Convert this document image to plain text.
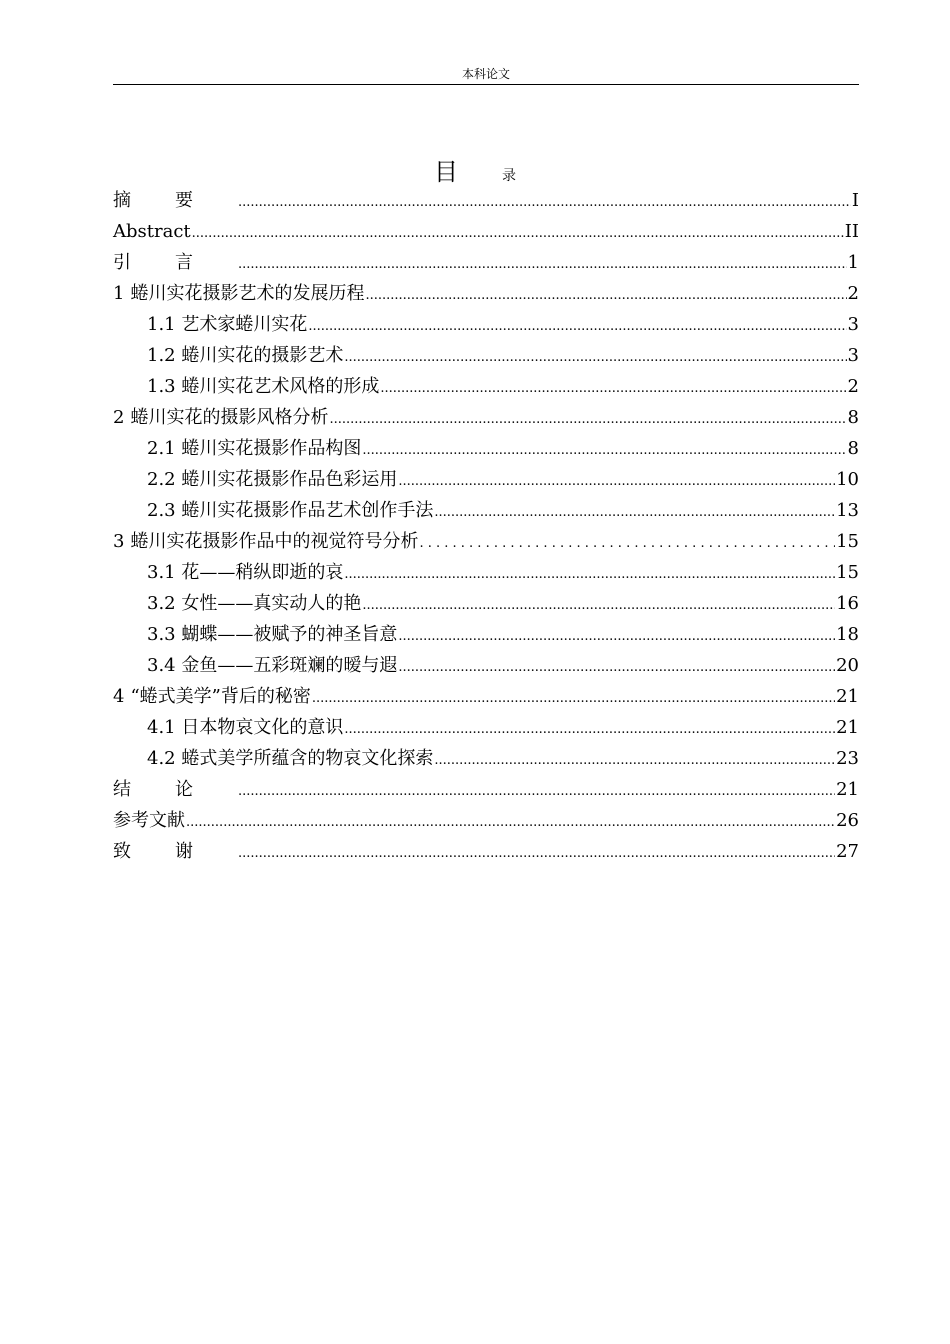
本科论文
目	录
摘要 .....	I
Abstract .....	II
引言 .....	1
1 蜷川实花摄影艺术的发展历程 .....	2
1.1 艺术家蜷川实花 .....	3
1.2 蜷川实花的摄影艺术 .....	3
1.3 蜷川实花艺术风格的形成 .....	2
2 蜷川实花的摄影风格分析 .....	8
2.1 蜷川实花摄影作品构图 .....	8
2.2 蜷川实花摄影作品色彩运用 .....	10
2.3 蜷川实花摄影作品艺术创作手法 .....	13
3 蜷川实花摄影作品中的视觉符号分析 . . .	15
3.1 花——稍纵即逝的哀 .....	15
3.2 女性——真实动人的艳 .....	16
3.3 蝴蝶——被赋予的神圣旨意 .....	18
3.4 金鱼——五彩斑斓的暧与遐 .....	20
4 “蜷式美学”背后的秘密 .....	21
4.1 日本物哀文化的意识 .....	21
4.2 蜷式美学所蕴含的物哀文化探索 .....	23
结论 .....	21
参考文献 .....	26
致谢 .....	27
